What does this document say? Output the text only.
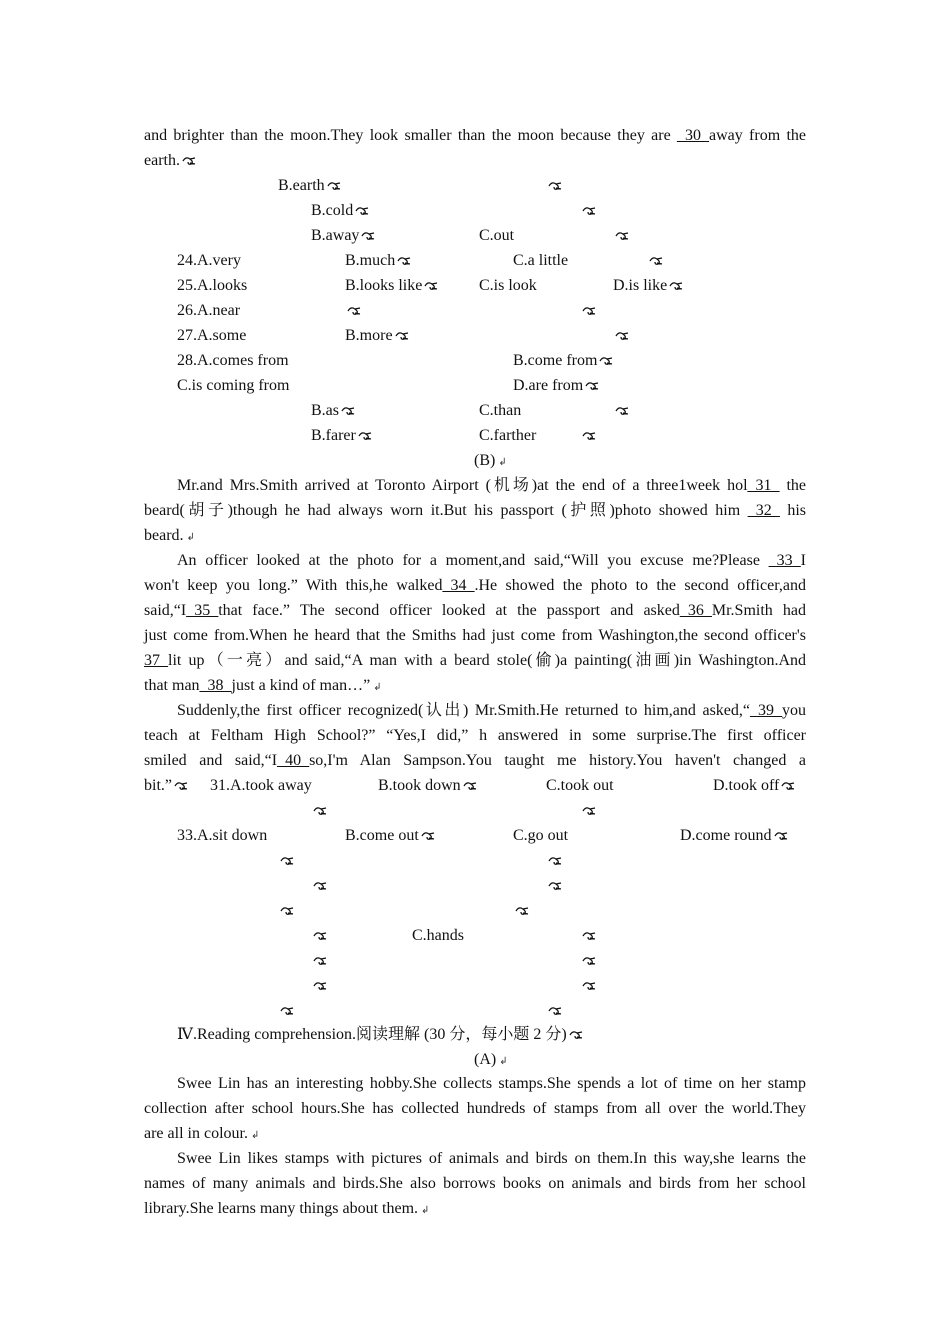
and brighter than the moon.They look smaller than the moon because they are _30_away from the
earth.
B.earth
B.cold
B.away	C.out
24.A.very	B.much	C.a little
25.A.looks	B.looks like	C.is look	D.is like
26.A.near
27.A.some	B.more
28.A.comes from	B.come from
C.is coming from	D.are from
B.as	C.than
B.farer	C.farther
(B) ↲
Mr.and Mrs.Smith arrived at Toronto Airport (机场)at the end of a three1week hol_31_ the
beard(胡子)though he had always worn it.But his passport (护照)photo showed him _32_ his
beard. ↲
An officer looked at the photo for a moment,and said,“Will you excuse me?Please _33_I
won't keep you long.” With this,he walked_34_.He showed the photo to the second officer,and
said,“I_35_that face.” The second officer looked at the passport and asked_36_Mr.Smith had
just come from.When he heard that the Smiths had just come from Washington,the second officer's
37_lit up（一亮）and said,“A man with a beard stole(偷)a painting(油画)in Washington.And
that man_38_just a kind of man…” ↲
Suddenly,the first officer recognized(认出) Mr.Smith.He returned to him,and asked,“_39_you
teach at Feltham High School?” “Yes,I did,” h answered in some surprise.The first officer
smiled and said,“I_40_so,I'm Alan Sampson.You taught me history.You haven't changed a
bit.”	31.A.took away	B.took down	C.took out	D.took off
33.A.sit down	B.come out	C.go out	D.come round
C.hands
Ⅳ.Reading comprehension.阅读理解 (30 分，每小题 2 分)
(A) ↲
Swee Lin has an interesting hobby.She collects stamps.She spends a lot of time on her stamp
collection after school hours.She has collected hundreds of stamps from all over the world.They
are all in colour. ↲
Swee Lin likes stamps with pictures of animals and birds on them.In this way,she learns the
names of many animals and birds.She also borrows books on animals and birds from her school
library.She learns many things about them. ↲
